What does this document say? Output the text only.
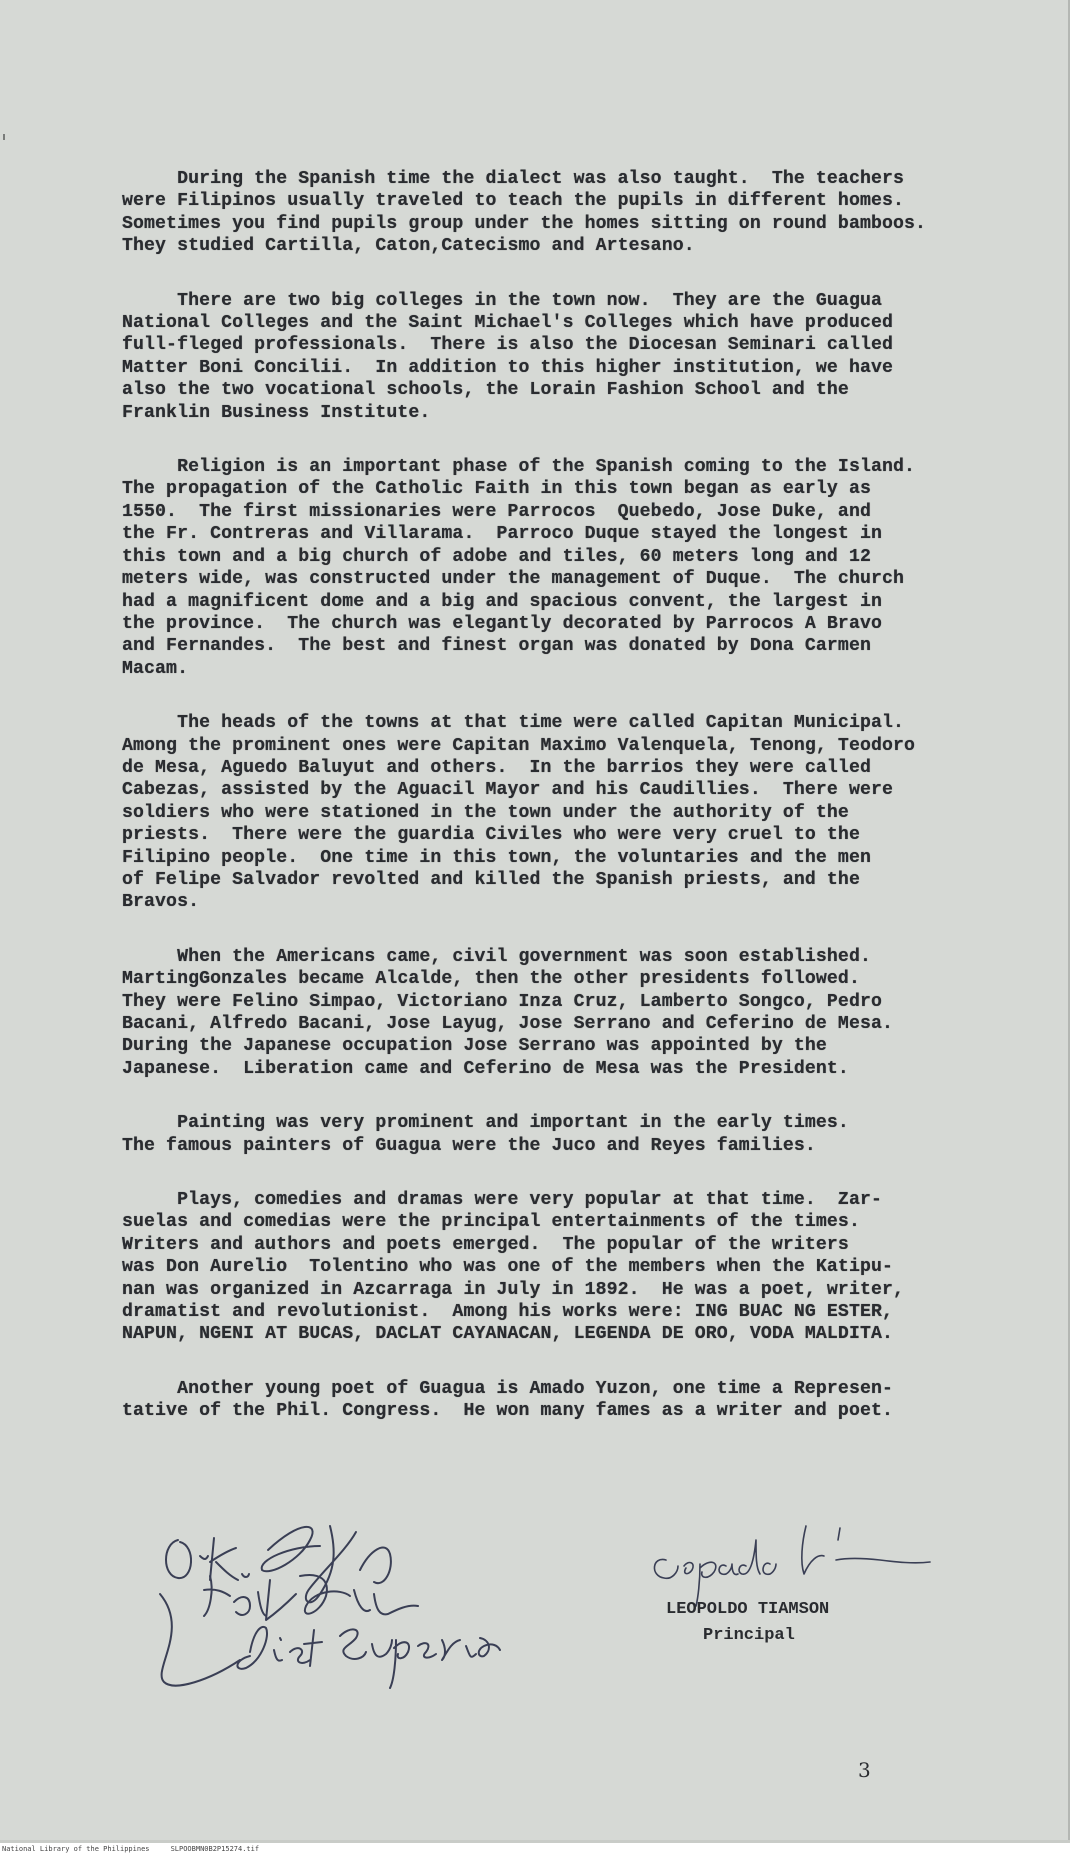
During the Spanish time the dialect was also taught.  The teachers
were Filipinos usually traveled to teach the pupils in different homes.
Sometimes you find pupils group under the homes sitting on round bamboos.
They studied Cartilla, Caton,Catecismo and Artesano.
There are two big colleges in the town now.  They are the Guagua
National Colleges and the Saint Michael's Colleges which have produced
full-fleged professionals.  There is also the Diocesan Seminari called
Matter Boni Concilii.  In addition to this higher institution, we have
also the two vocational schools, the Lorain Fashion School and the
Franklin Business Institute.
Religion is an important phase of the Spanish coming to the Island.
The propagation of the Catholic Faith in this town began as early as
1550.  The first missionaries were Parrocos  Quebedo, Jose Duke, and
the Fr. Contreras and Villarama.  Parroco Duque stayed the longest in
this town and a big church of adobe and tiles, 60 meters long and 12
meters wide, was constructed under the management of Duque.  The church
had a magnificent dome and a big and spacious convent, the largest in
the province.  The church was elegantly decorated by Parrocos A Bravo
and Fernandes.  The best and finest organ was donated by Dona Carmen
Macam.
The heads of the towns at that time were called Capitan Municipal.
Among the prominent ones were Capitan Maximo Valenquela, Tenong, Teodoro
de Mesa, Aguedo Baluyut and others.  In the barrios they were called
Cabezas, assisted by the Aguacil Mayor and his Caudillies.  There were
soldiers who were stationed in the town under the authority of the
priests.  There were the guardia Civiles who were very cruel to the
Filipino people.  One time in this town, the voluntaries and the men
of Felipe Salvador revolted and killed the Spanish priests, and the
Bravos.
When the Americans came, civil government was soon established.
MartingGonzales became Alcalde, then the other presidents followed.
They were Felino Simpao, Victoriano Inza Cruz, Lamberto Songco, Pedro
Bacani, Alfredo Bacani, Jose Layug, Jose Serrano and Ceferino de Mesa.
During the Japanese occupation Jose Serrano was appointed by the
Japanese.  Liberation came and Ceferino de Mesa was the President.
Painting was very prominent and important in the early times.
The famous painters of Guagua were the Juco and Reyes families.
Plays, comedies and dramas were very popular at that time.  Zar-
suelas and comedias were the principal entertainments of the times.
Writers and authors and poets emerged.  The popular of the writers
was Don Aurelio  Tolentino who was one of the members when the Katipu-
nan was organized in Azcarraga in July in 1892.  He was a poet, writer,
dramatist and revolutionist.  Among his works were: ING BUAC NG ESTER,
NAPUN, NGENI AT BUCAS, DACLAT CAYANACAN, LEGENDA DE ORO, VODA MALDITA.
Another young poet of Guagua is Amado Yuzon, one time a Represen-
tative of the Phil. Congress.  He won many fames as a writer and poet.
LEOPOLDO TIAMSON
Principal
3
National Library of the Philippines     SLPOOBMN0B2P15274.tif
